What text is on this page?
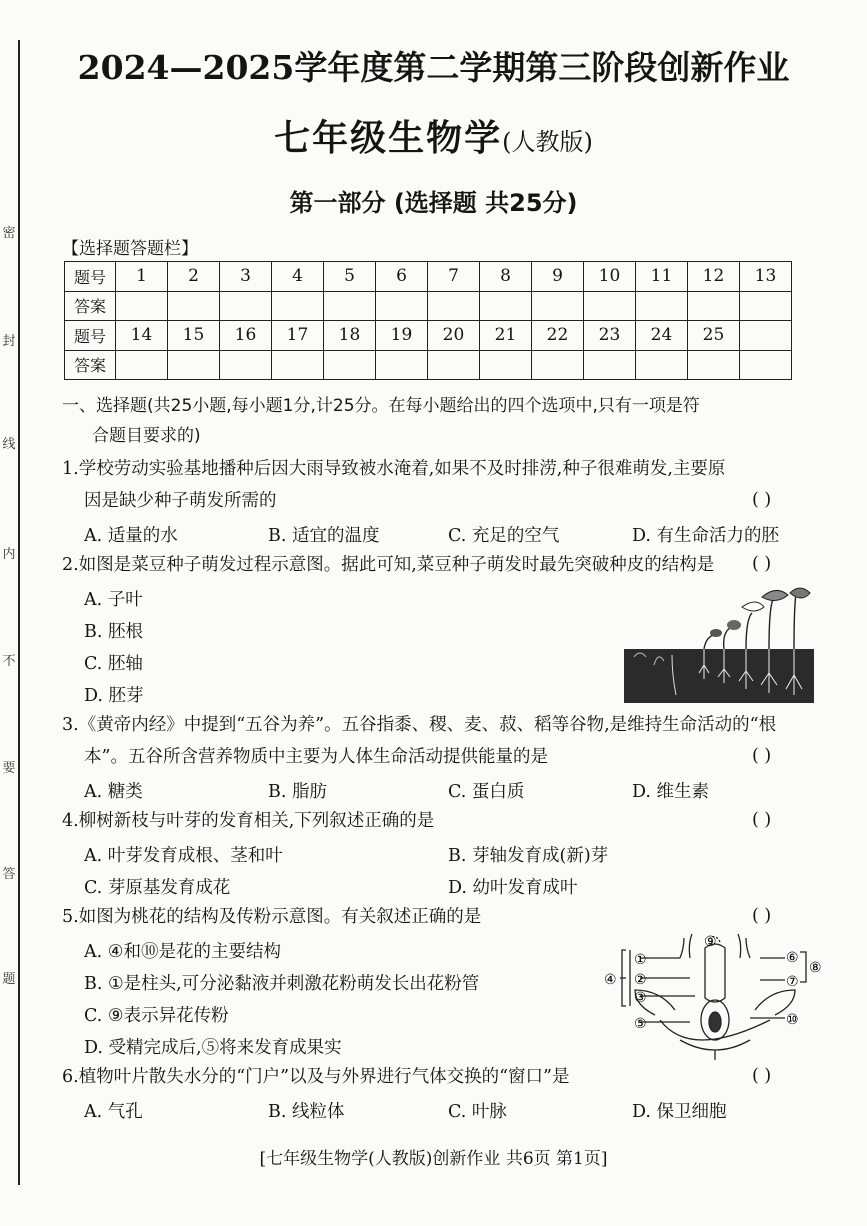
密
封
线
内
不
要
答
题
2024—2025学年度第二学期第三阶段创新作业
七年级生物学(人教版)
第一部分 (选择题 共25分)
【选择题答题栏】
题号	1	2	3	4	5	6	7	8	9	10	11	12	13
答案													
题号	14	15	16	17	18	19	20	21	22	23	24	25	
答案													
一、选择题(共25小题,每小题1分,计25分。在每小题给出的四个选项中,只有一项是符
合题目要求的)
1.学校劳动实验基地播种后因大雨导致被水淹着,如果不及时排涝,种子很难萌发,主要原
因是缺少种子萌发所需的	( )
A. 适量的水	B. 适宜的温度	C. 充足的空气	D. 有生命活力的胚
2.如图是菜豆种子萌发过程示意图。据此可知,菜豆种子萌发时最先突破种皮的结构是 ( )
A. 子叶
B. 胚根
C. 胚轴
D. 胚芽
3.《黄帝内经》中提到“五谷为养”。五谷指黍、稷、麦、菽、稻等谷物,是维持生命活动的“根
本”。五谷所含营养物质中主要为人体生命活动提供能量的是	( )
A. 糖类	B. 脂肪	C. 蛋白质	D. 维生素
4.柳树新枝与叶芽的发育相关,下列叙述正确的是	( )
A. 叶芽发育成根、茎和叶	B. 芽轴发育成(新)芽
C. 芽原基发育成花	D. 幼叶发育成叶
5.如图为桃花的结构及传粉示意图。有关叙述正确的是	( )
A. ④和⑩是花的主要结构
B. ①是柱头,可分泌黏液并刺激花粉萌发长出花粉管
C. ⑨表示异花传粉
D. 受精完成后,⑤将来发育成果实
①
②
③
④
⑤
⑥
⑦
⑧
⑨
⑩
6.植物叶片散失水分的“门户”以及与外界进行气体交换的“窗口”是	( )
A. 气孔	B. 线粒体	C. 叶脉	D. 保卫细胞
[七年级生物学(人教版)创新作业 共6页 第1页]
